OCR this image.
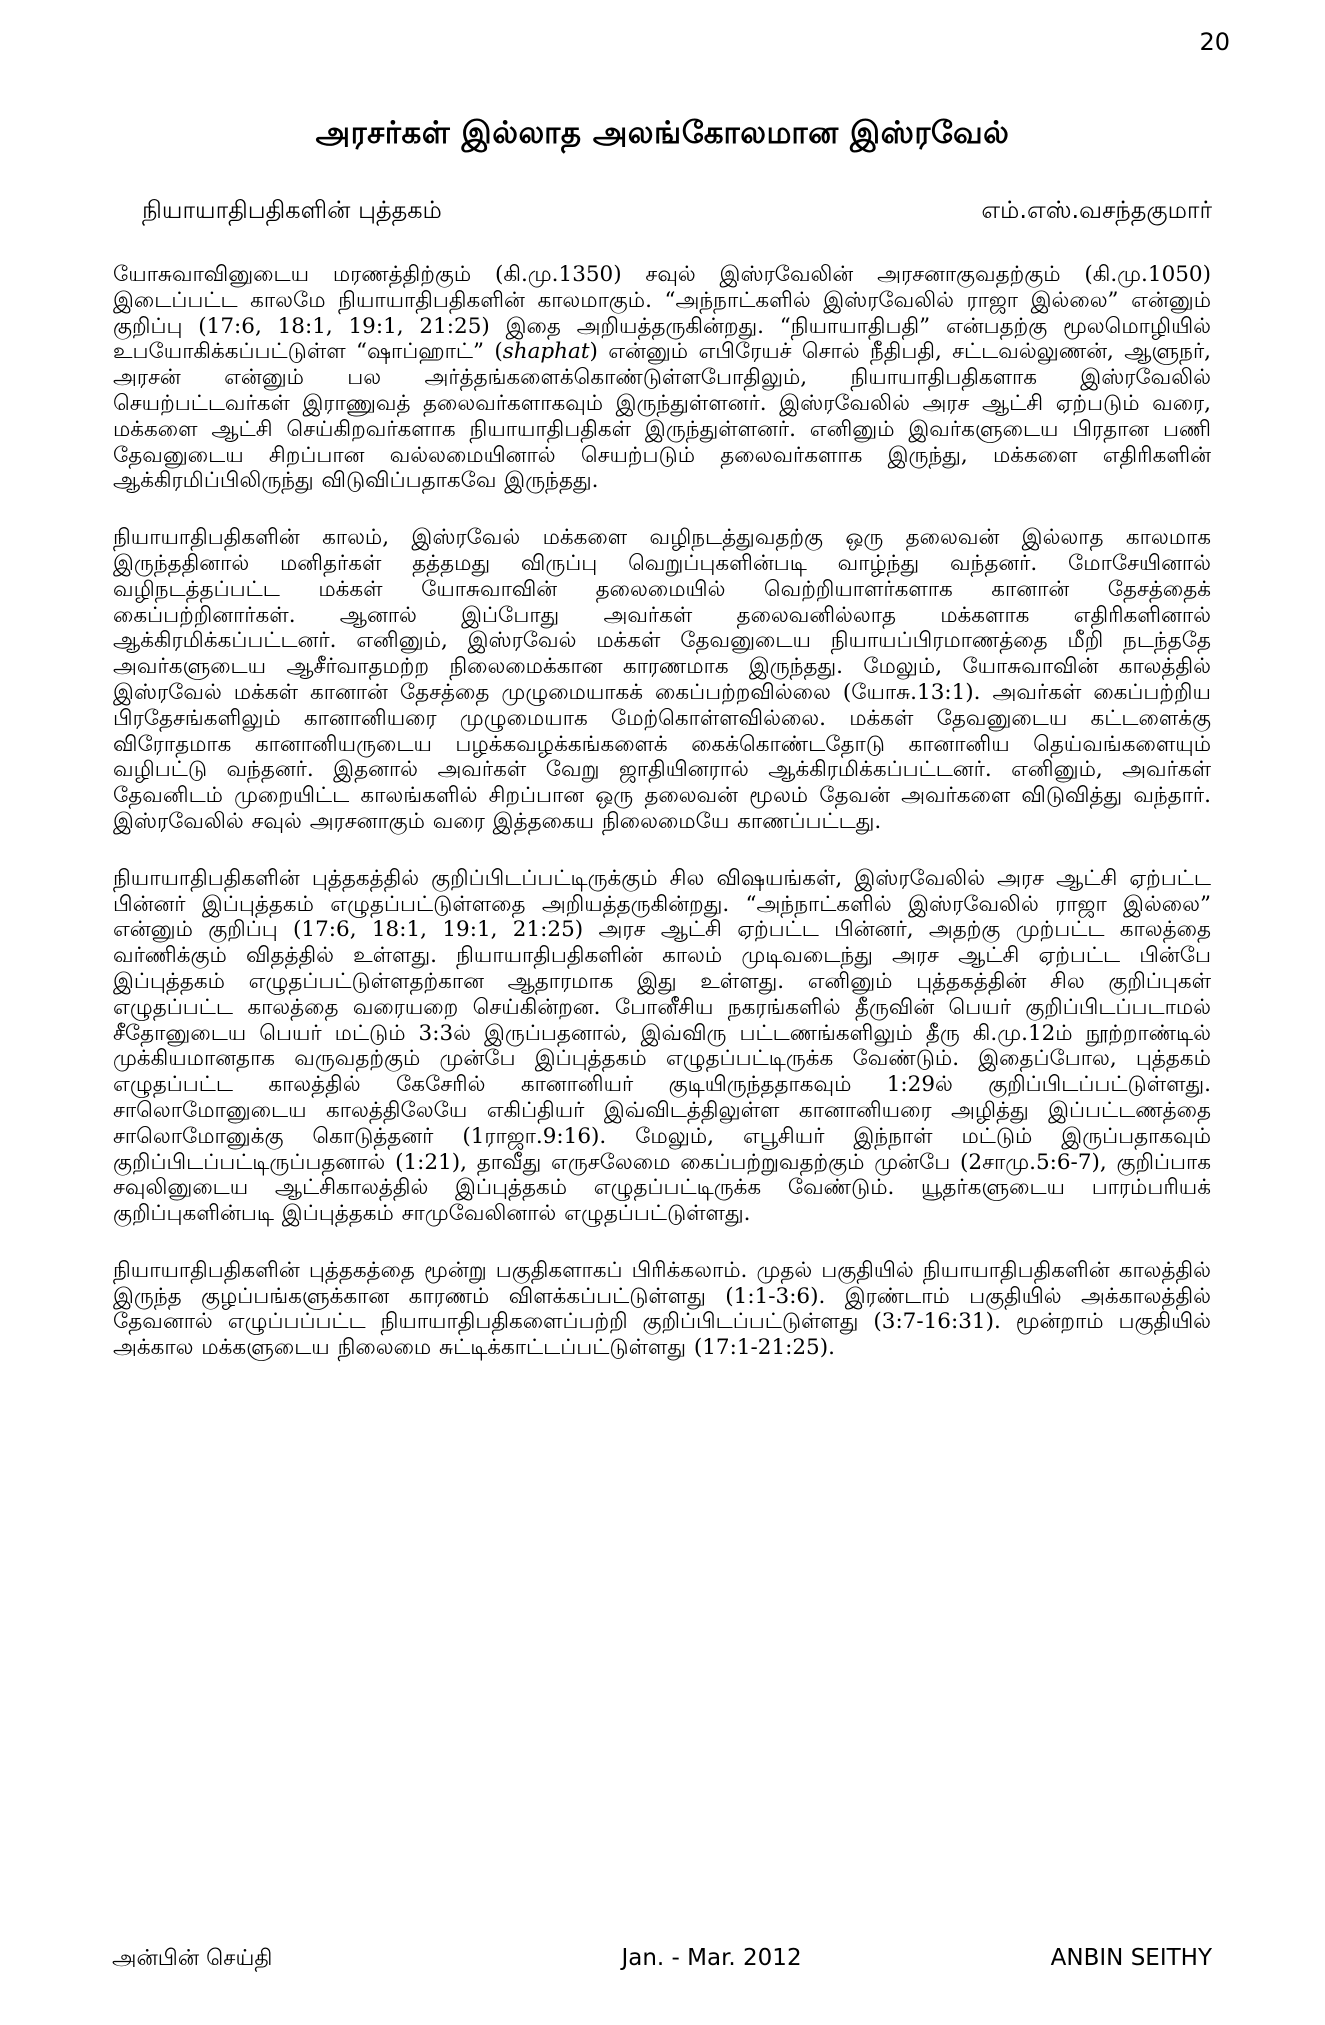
20
அரசர்கள் இல்லாத அலங்கோலமான இஸ்ரவேல்
நியாயாதிபதிகளின் புத்தகம்	எம்.எஸ்.வசந்தகுமார்

யோசுவாவினுடைய மரணத்திற்கும் (கி.மு.1350) சவுல் இஸ்ரவேலின் அரசனாகுவதற்கும் (கி.மு.1050) இடைப்பட்ட காலமே நியாயாதிபதிகளின் காலமாகும். “அந்நாட்களில் இஸ்ரவேலில் ராஜா இல்லை” என்னும் குறிப்பு (17:6, 18:1, 19:1, 21:25) இதை அறியத்தருகின்றது. “நியாயாதிபதி” என்பதற்கு மூலமொழியில் உபயோகிக்கப்பட்டுள்ள “ஷாப்ஹாட்” (shaphat) என்னும் எபிரேயச் சொல் நீதிபதி, சட்டவல்லுணன், ஆளுநர், அரசன் என்னும் பல அர்த்தங்களைக்கொண்டுள்ளபோதிலும், நியாயாதிபதிகளாக இஸ்ரவேலில் செயற்பட்டவர்கள் இராணுவத் தலைவர்களாகவும் இருந்துள்ளனர். இஸ்ரவேலில் அரச ஆட்சி ஏற்படும் வரை, மக்களை ஆட்சி செய்கிறவர்களாக நியாயாதிபதிகள் இருந்துள்ளனர். எனினும் இவர்களுடைய பிரதான பணி தேவனுடைய சிறப்பான வல்லமையினால் செயற்படும் தலைவர்களாக இருந்து, மக்களை எதிரிகளின் ஆக்கிரமிப்பிலிருந்து விடுவிப்பதாகவே இருந்தது.

நியாயாதிபதிகளின் காலம், இஸ்ரவேல் மக்களை வழிநடத்துவதற்கு ஒரு தலைவன் இல்லாத காலமாக இருந்ததினால் மனிதர்கள் தத்தமது விருப்பு வெறுப்புகளின்படி வாழ்ந்து வந்தனர். மோசேயினால் வழிநடத்தப்பட்ட மக்கள் யோசுவாவின் தலைமையில் வெற்றியாளர்களாக கானான் தேசத்தைக் கைப்பற்றினார்கள். ஆனால் இப்போது அவர்கள் தலைவனில்லாத மக்களாக எதிரிகளினால் ஆக்கிரமிக்கப்பட்டனர். எனினும், இஸ்ரவேல் மக்கள் தேவனுடைய நியாயப்பிரமாணத்தை மீறி நடந்ததே அவர்களுடைய ஆசீர்வாதமற்ற நிலைமைக்கான காரணமாக இருந்தது. மேலும், யோசுவாவின் காலத்தில் இஸ்ரவேல் மக்கள் கானான் தேசத்தை முழுமையாகக் கைப்பற்றவில்லை (யோசு.13:1). அவர்கள் கைப்பற்றிய பிரதேசங்களிலும் கானானியரை முழுமையாக மேற்கொள்ளவில்லை. மக்கள் தேவனுடைய கட்டளைக்கு விரோதமாக கானானியருடைய பழக்கவழக்கங்களைக் கைக்கொண்டதோடு கானானிய தெய்வங்களையும் வழிபட்டு வந்தனர். இதனால் அவர்கள் வேறு ஜாதியினரால் ஆக்கிரமிக்கப்பட்டனர். எனினும், அவர்கள் தேவனிடம் முறையிட்ட காலங்களில் சிறப்பான ஒரு தலைவன் மூலம் தேவன் அவர்களை விடுவித்து வந்தார். இஸ்ரவேலில் சவுல் அரசனாகும் வரை இத்தகைய நிலைமையே காணப்பட்டது.

நியாயாதிபதிகளின் புத்தகத்தில் குறிப்பிடப்பட்டிருக்கும் சில விஷயங்கள், இஸ்ரவேலில் அரச ஆட்சி ஏற்பட்ட பின்னர் இப்புத்தகம் எழுதப்பட்டுள்ளதை அறியத்தருகின்றது. “அந்நாட்களில் இஸ்ரவேலில் ராஜா இல்லை” என்னும் குறிப்பு (17:6, 18:1, 19:1, 21:25) அரச ஆட்சி ஏற்பட்ட பின்னர், அதற்கு முற்பட்ட காலத்தை வர்ணிக்கும் விதத்தில் உள்ளது. நியாயாதிபதிகளின் காலம் முடிவடைந்து அரச ஆட்சி ஏற்பட்ட பின்பே இப்புத்தகம் எழுதப்பட்டுள்ளதற்கான ஆதாரமாக இது உள்ளது. எனினும் புத்தகத்தின் சில குறிப்புகள் எழுதப்பட்ட காலத்தை வரையறை செய்கின்றன. போனீசிய நகரங்களில் தீருவின் பெயர் குறிப்பிடப்படாமல் சீதோனுடைய பெயர் மட்டும் 3:3ல் இருப்பதனால், இவ்விரு பட்டணங்களிலும் தீரு கி.மு.12ம் நூற்றாண்டில் முக்கியமானதாக வருவதற்கும் முன்பே இப்புத்தகம் எழுதப்பட்டிருக்க வேண்டும். இதைப்போல, புத்தகம் எழுதப்பட்ட காலத்தில் கேசேரில் கானானியர் குடியிருந்ததாகவும் 1:29ல் குறிப்பிடப்பட்டுள்ளது. சாலொமோனுடைய காலத்திலேயே எகிப்தியர் இவ்விடத்திலுள்ள கானானியரை அழித்து இப்பட்டணத்தை சாலொமோனுக்கு கொடுத்தனர் (1ராஜா.9:16). மேலும், எபூசியர் இந்நாள் மட்டும் இருப்பதாகவும் குறிப்பிடப்பட்டிருப்பதனால் (1:21), தாவீது எருசலேமை கைப்பற்றுவதற்கும் முன்பே (2சாமு.5:6-7), குறிப்பாக சவுலினுடைய ஆட்சிகாலத்தில் இப்புத்தகம் எழுதப்பட்டிருக்க வேண்டும். யூதர்களுடைய பாரம்பரியக் குறிப்புகளின்படி இப்புத்தகம் சாமுவேலினால் எழுதப்பட்டுள்ளது.

நியாயாதிபதிகளின் புத்தகத்தை மூன்று பகுதிகளாகப் பிரிக்கலாம். முதல் பகுதியில் நியாயாதிபதிகளின் காலத்தில் இருந்த குழப்பங்களுக்கான காரணம் விளக்கப்பட்டுள்ளது (1:1-3:6). இரண்டாம் பகுதியில் அக்காலத்தில் தேவனால் எழுப்பப்பட்ட நியாயாதிபதிகளைப்பற்றி குறிப்பிடப்பட்டுள்ளது (3:7-16:31). மூன்றாம் பகுதியில் அக்கால மக்களுடைய நிலைமை சுட்டிக்காட்டப்பட்டுள்ளது (17:1-21:25).

அன்பின் செய்தி	Jan. - Mar. 2012	ANBIN SEITHY
